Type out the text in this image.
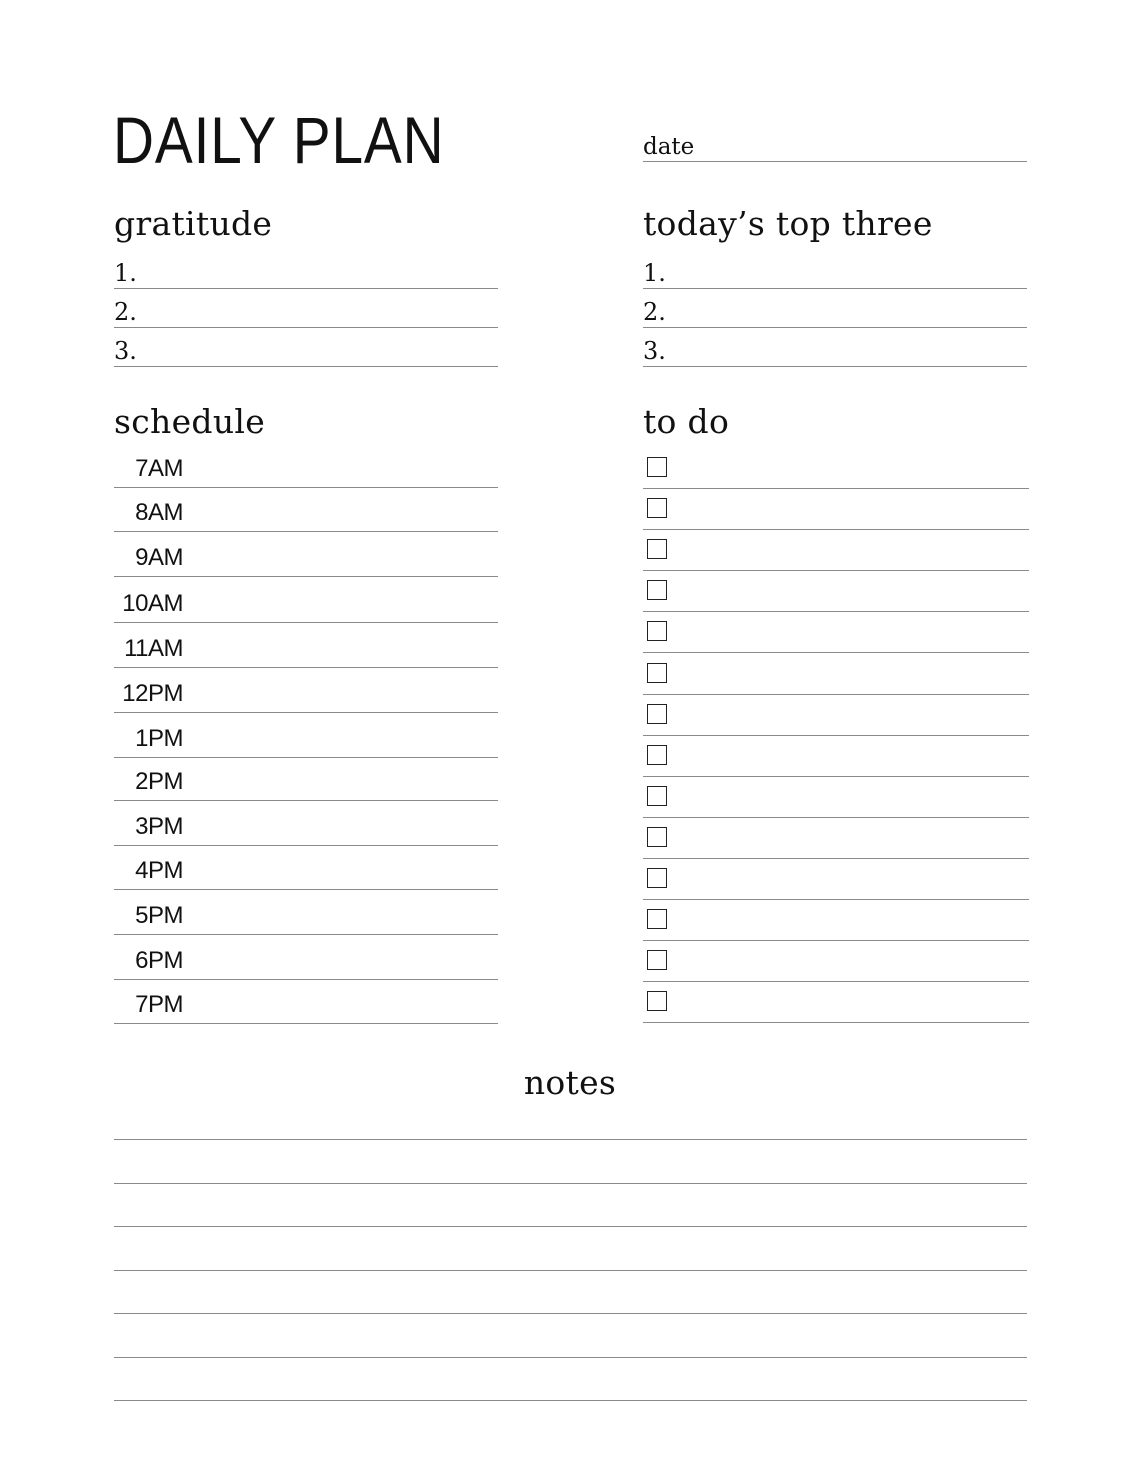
DAILY PLAN	date
gratitude	today’s top three
1.
2.
3.
1.
2.
3.
schedule	to do
7AM
8AM
9AM
10AM
11AM
12PM
1PM
2PM
3PM
4PM
5PM
6PM
7PM
notes
